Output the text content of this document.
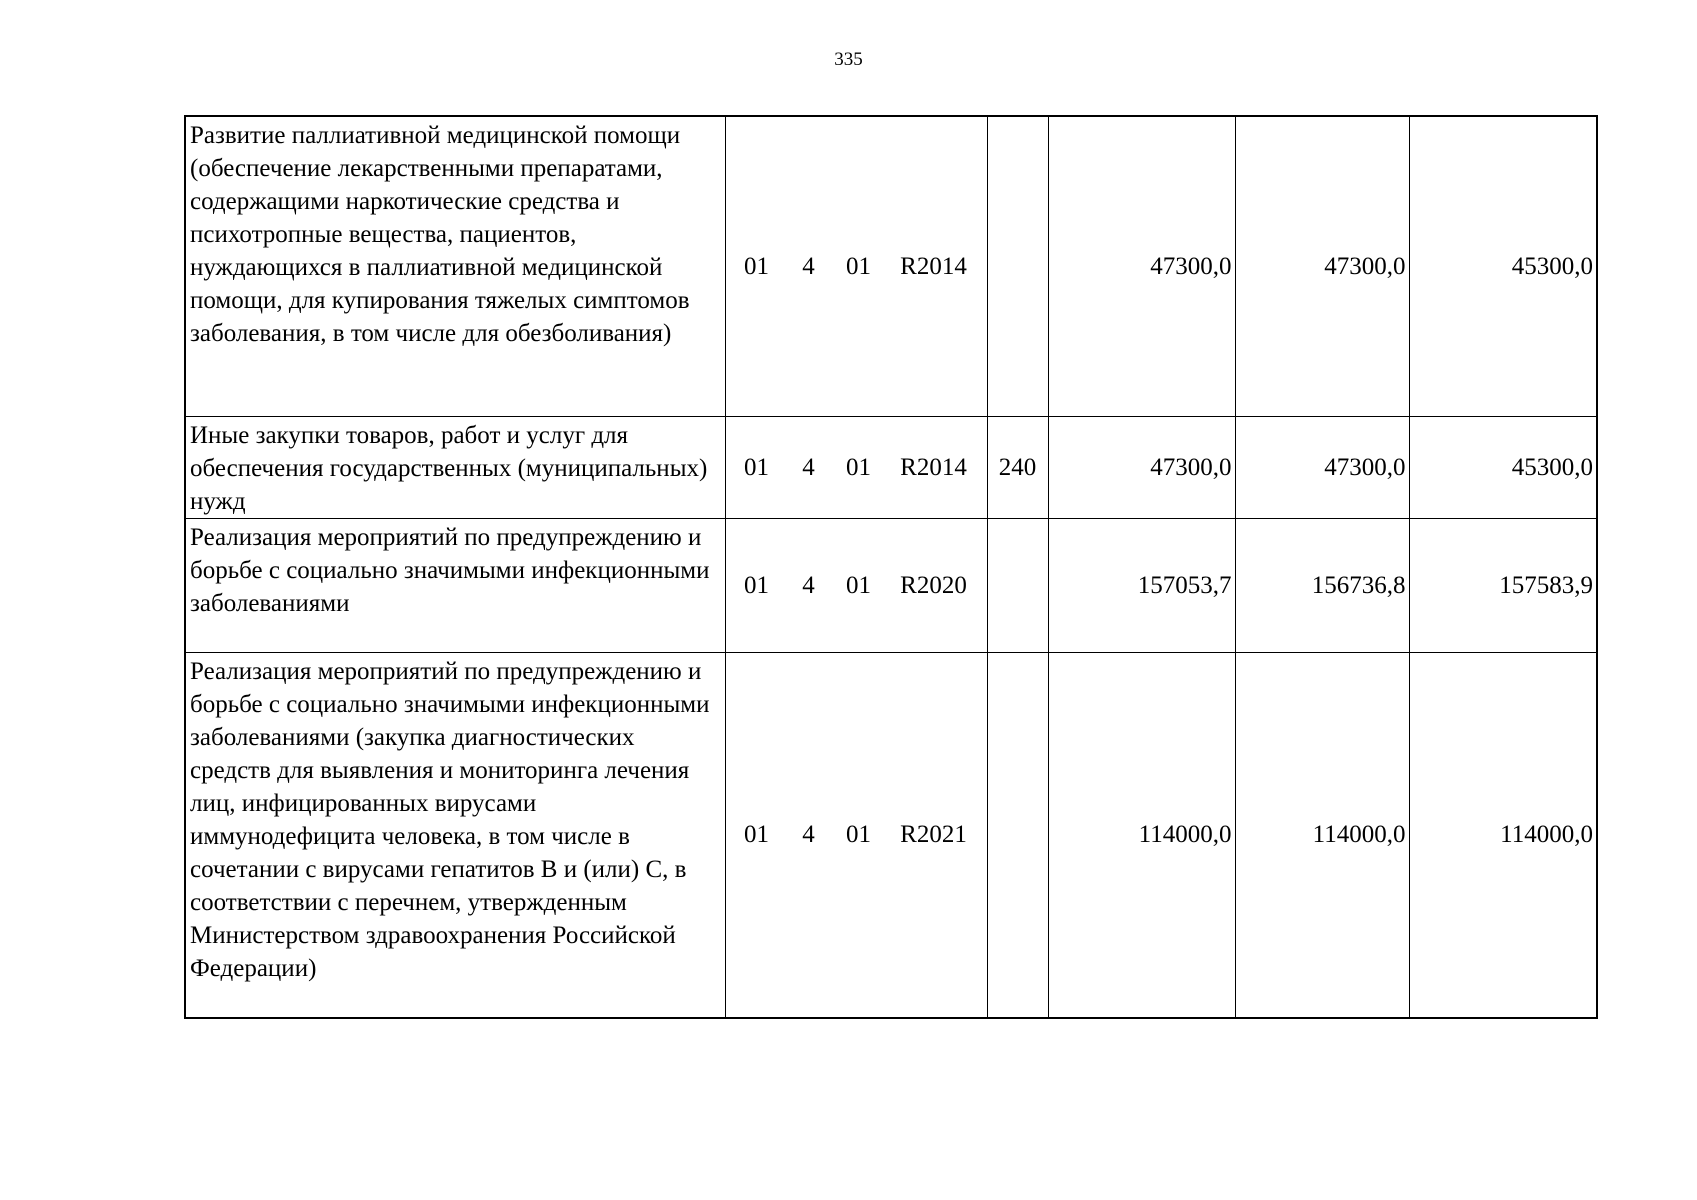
335
Развитие паллиативной медицинской помощи (обеспечение лекарственными препаратами, содержащими наркотические средства и психотропные вещества, пациентов, нуждающихся в паллиативной медицинской помощи, для купирования тяжелых симптомов заболевания, в том числе для обезболивания)	01 4 01 R2014		47300,0	47300,0	45300,0
Иные закупки товаров, работ и услуг для обеспечения государственных (муниципальных) нужд	01 4 01 R2014	240	47300,0	47300,0	45300,0
Реализация мероприятий по предупреждению и борьбе с социально значимыми инфекционными заболеваниями	01 4 01 R2020		157053,7	156736,8	157583,9
Реализация мероприятий по предупреждению и борьбе с социально значимыми инфекционными заболеваниями (закупка диагностических средств для выявления и мониторинга лечения лиц, инфицированных вирусами иммунодефицита человека, в том числе в сочетании с вирусами гепатитов B и (или) C, в соответствии с перечнем, утвержденным Министерством здравоохранения Российской Федерации)	01 4 01 R2021		114000,0	114000,0	114000,0
